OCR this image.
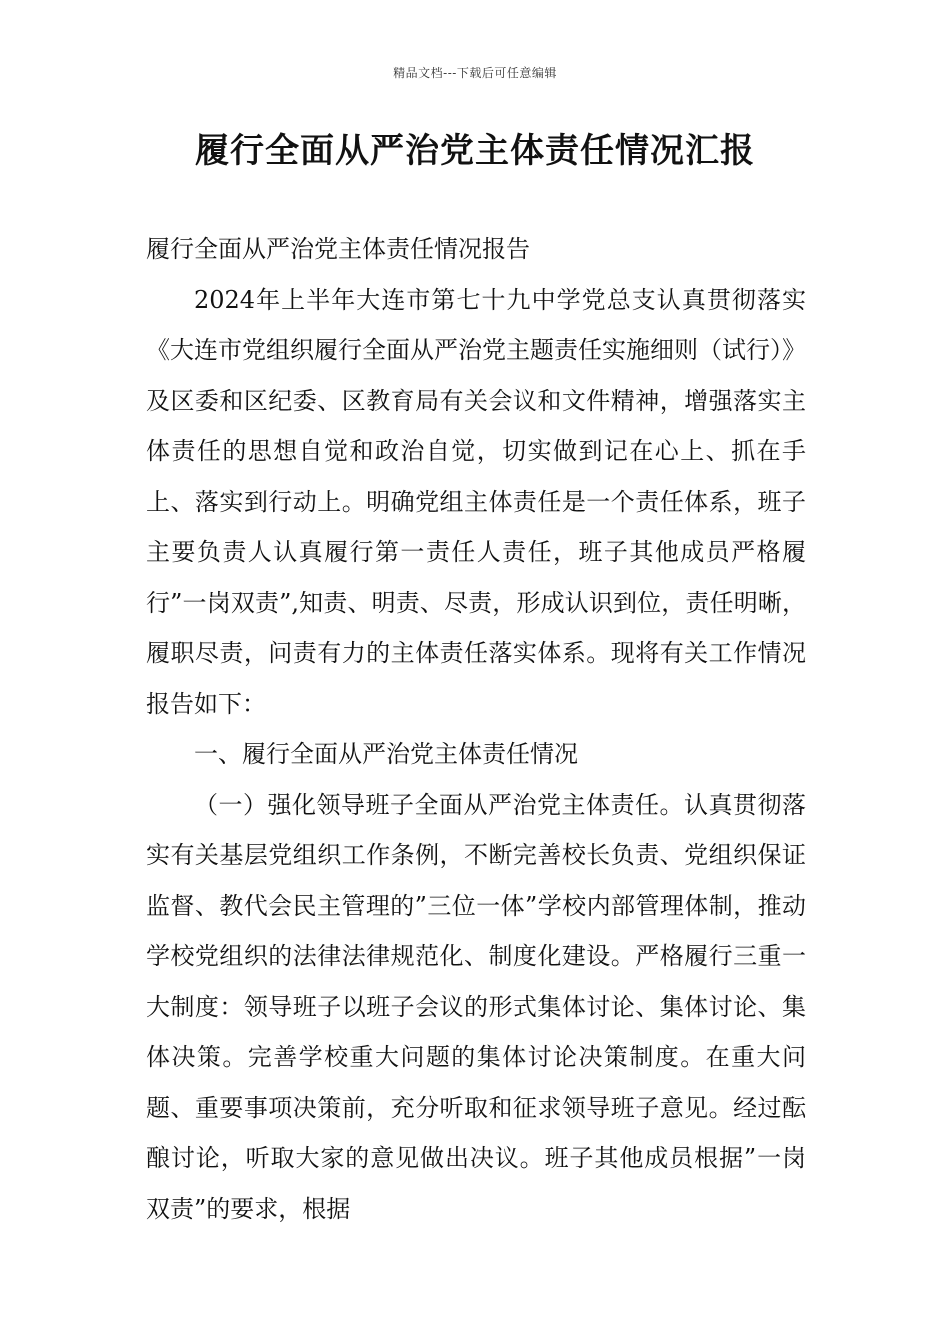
精品文档---下载后可任意编辑
履行全面从严治党主体责任情况汇报

履行全面从严治党主体责任情况报告

2024年上半年大连市第七十九中学党总支认真贯彻落实《大连市党组织履行全面从严治党主题责任实施细则（试行）》及区委和区纪委、区教育局有关会议和文件精神，增强落实主体责任的思想自觉和政治自觉，切实做到记在心上、抓在手上、落实到行动上。明确党组主体责任是一个责任体系，班子主要负责人认真履行第一责任人责任，班子其他成员严格履行”一岗双责”,知责、明责、尽责，形成认识到位，责任明晰，履职尽责，问责有力的主体责任落实体系。现将有关工作情况报告如下：

一、履行全面从严治党主体责任情况

（一）强化领导班子全面从严治党主体责任。认真贯彻落实有关基层党组织工作条例，不断完善校长负责、党组织保证监督、教代会民主管理的”三位一体”学校内部管理体制，推动学校党组织的法律法律规范化、制度化建设。严格履行三重一大制度：领导班子以班子会议的形式集体讨论、集体讨论、集体决策。完善学校重大问题的集体讨论决策制度。在重大问题、重要事项决策前，充分听取和征求领导班子意见。经过酝酿讨论，听取大家的意见做出决议。班子其他成员根据”一岗双责”的要求，根据
